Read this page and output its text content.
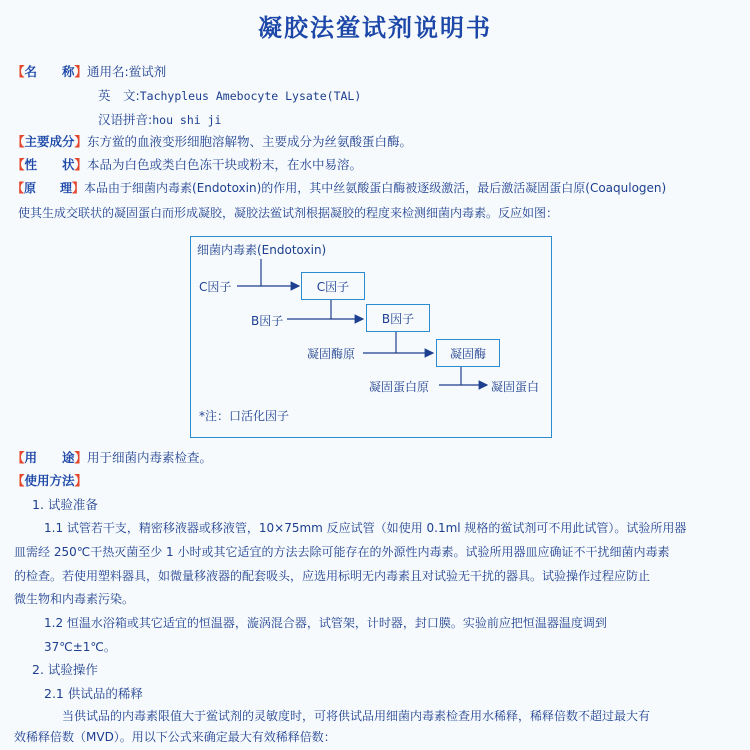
凝胶法鲎试剂说明书
【名　　称】通用名:鲎试剂
英　文:Tachypleus Amebocyte Lysate(TAL)
汉语拼音:hou shi ji
【主要成分】东方鲎的血液变形细胞溶解物、主要成分为丝氨酸蛋白酶。
【性　　状】本品为白色或类白色冻干块或粉末，在水中易溶。
【原　　理】本品由于细菌内毒素(Endotoxin)的作用，其中丝氨酸蛋白酶被逐级激活，最后激活凝固蛋白原(Coaqulogen)
使其生成交联状的凝固蛋白而形成凝胶，凝胶法鲎试剂根据凝胶的程度来检测细菌内毒素。反应如图：
细菌内毒素(Endotoxin)
C因子	C因子
B因子	B因子
凝固酶原	凝固酶
凝固蛋白原	凝固蛋白
*注：口活化因子
【用　　途】用于细菌内毒素检查。
【使用方法】
1. 试验准备
1.1 试管若干支，精密移液器或移液管，10×75mm 反应试管（如使用 0.1ml 规格的鲎试剂可不用此试管）。试验所用器
皿需经 250℃干热灭菌至少 1 小时或其它适宜的方法去除可能存在的外源性内毒素。试验所用器皿应确证不干扰细菌内毒素
的检查。若使用塑料器具，如微量移液器的配套吸头，应选用标明无内毒素且对试验无干扰的器具。试验操作过程应防止
微生物和内毒素污染。
1.2 恒温水浴箱或其它适宜的恒温器，漩涡混合器，试管架，计时器，封口膜。实验前应把恒温器温度调到
37℃±1℃。
2. 试验操作
2.1 供试品的稀释
当供试品的内毒素限值大于鲎试剂的灵敏度时，可将供试品用细菌内毒素检查用水稀释，稀释倍数不超过最大有
效稀释倍数（MVD）。用以下公式来确定最大有效稀释倍数：
